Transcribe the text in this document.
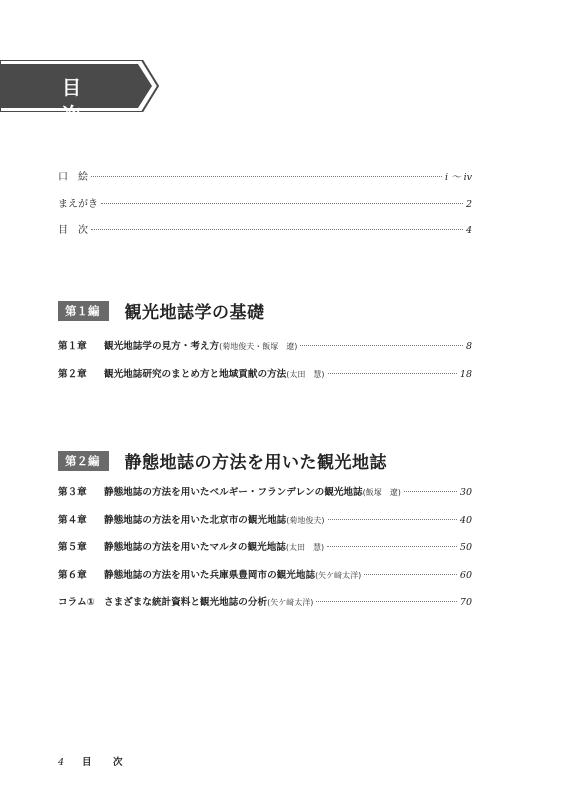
目　次
口　絵	i ～ iv
まえがき	2
目　次	4
第１編	観光地誌学の基礎
第１章	観光地誌学の見方・考え方 (菊地俊夫・飯塚　遼)	8
第２章	観光地誌研究のまとめ方と地域貢献の方法 (太田　慧)	18
第２編	静態地誌の方法を用いた観光地誌
第３章	静態地誌の方法を用いたベルギー・フランデレンの観光地誌 (飯塚　遼)	30
第４章	静態地誌の方法を用いた北京市の観光地誌 (菊地俊夫)	40
第５章	静態地誌の方法を用いたマルタの観光地誌 (太田　慧)	50
第６章	静態地誌の方法を用いた兵庫県豊岡市の観光地誌 (矢ケ﨑太洋)	60
コラム① さまざまな統計資料と観光地誌の分析 (矢ケ﨑太洋)	70
4 目　次
